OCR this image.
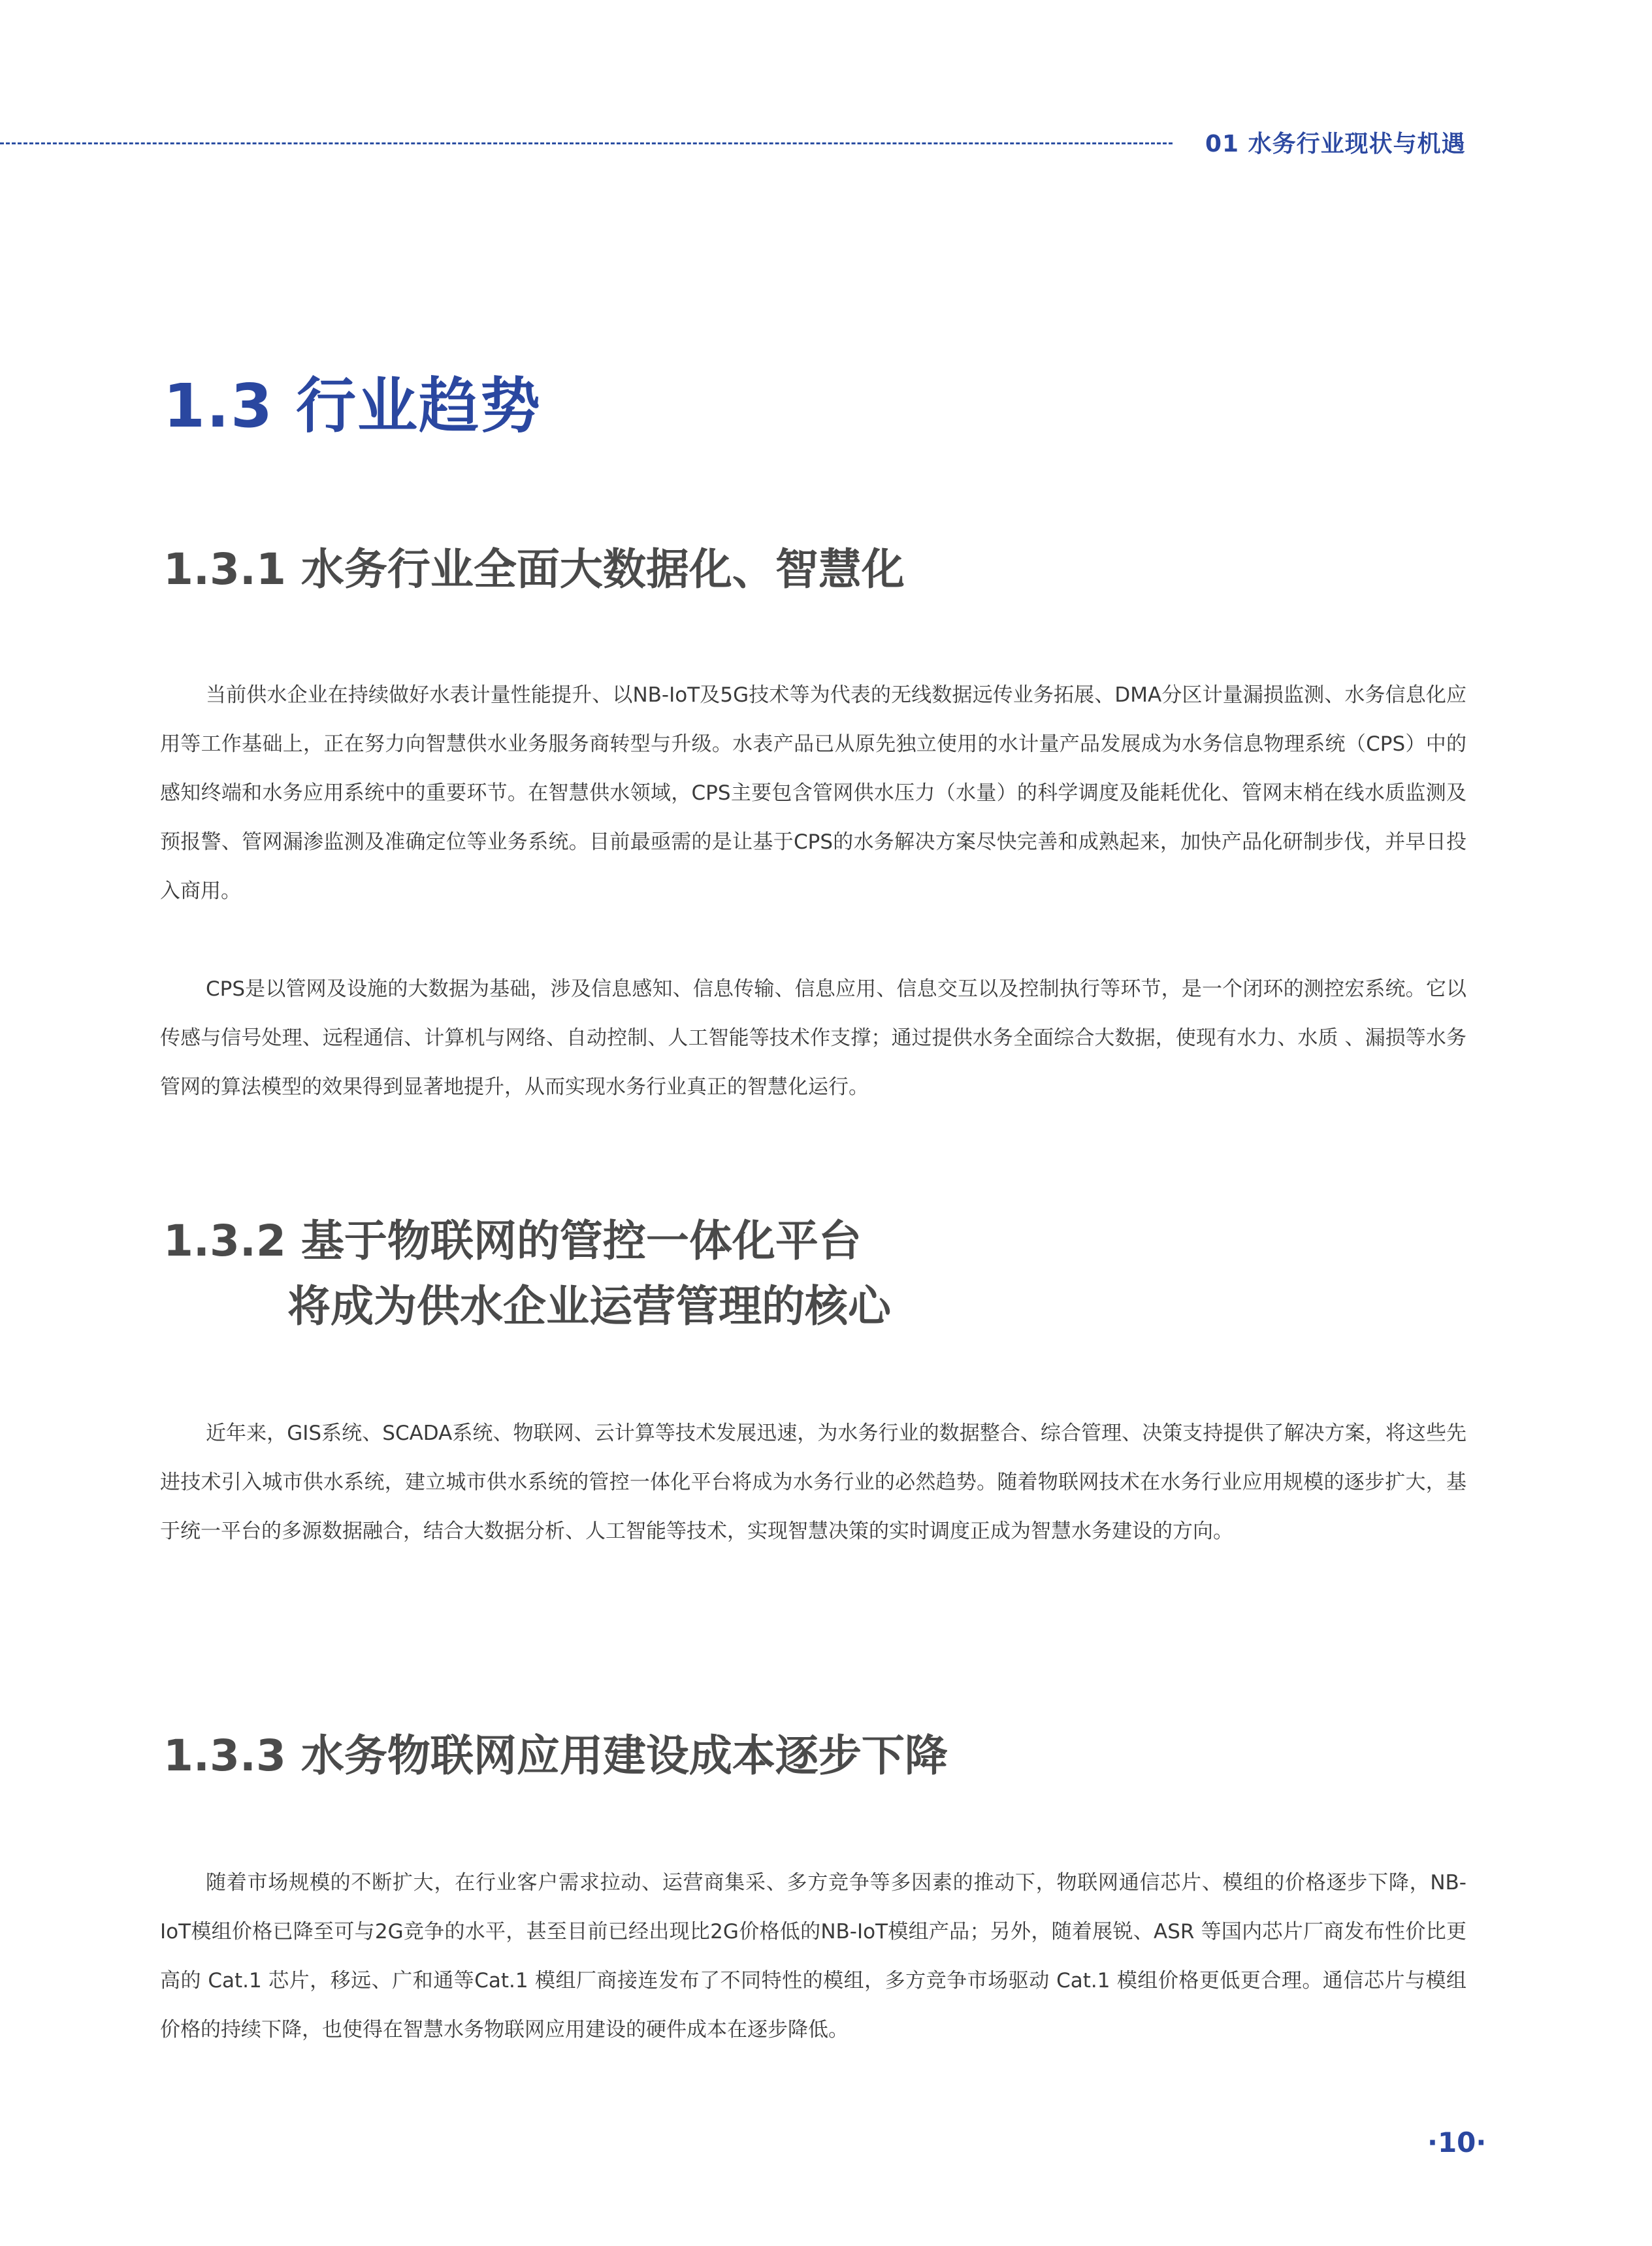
01 水务行业现状与机遇
1.3 行业趋势
1.3.1 水务行业全面大数据化、智慧化

当前供水企业在持续做好水表计量性能提升、以NB-IoT及5G技术等为代表的无线数据远传业务拓展、DMA分区计量漏损监测、水务信息化应用等工作基础上，正在努力向智慧供水业务服务商转型与升级。水表产品已从原先独立使用的水计量产品发展成为水务信息物理系统（CPS）中的感知终端和水务应用系统中的重要环节。在智慧供水领域，CPS主要包含管网供水压力（水量）的科学调度及能耗优化、管网末梢在线水质监测及预报警、管网漏渗监测及准确定位等业务系统。目前最亟需的是让基于CPS的水务解决方案尽快完善和成熟起来，加快产品化研制步伐，并早日投入商用。

CPS是以管网及设施的大数据为基础，涉及信息感知、信息传输、信息应用、信息交互以及控制执行等环节，是一个闭环的测控宏系统。它以传感与信号处理、远程通信、计算机与网络、自动控制、人工智能等技术作支撑；通过提供水务全面综合大数据，使现有水力、水质 、漏损等水务管网的算法模型的效果得到显著地提升，从而实现水务行业真正的智慧化运行。

1.3.2 基于物联网的管控一体化平台
将成为供水企业运营管理的核心

近年来，GIS系统、SCADA系统、物联网、云计算等技术发展迅速，为水务行业的数据整合、综合管理、决策支持提供了解决方案，将这些先进技术引入城市供水系统，建立城市供水系统的管控一体化平台将成为水务行业的必然趋势。随着物联网技术在水务行业应用规模的逐步扩大，基于统一平台的多源数据融合，结合大数据分析、人工智能等技术，实现智慧决策的实时调度正成为智慧水务建设的方向。

1.3.3 水务物联网应用建设成本逐步下降

随着市场规模的不断扩大，在行业客户需求拉动、运营商集采、多方竞争等多因素的推动下，物联网通信芯片、模组的价格逐步下降，NB-IoT模组价格已降至可与2G竞争的水平，甚至目前已经出现比2G价格低的NB-IoT模组产品；另外，随着展锐、ASR 等国内芯片厂商发布性价比更高的 Cat.1 芯片，移远、广和通等Cat.1 模组厂商接连发布了不同特性的模组，多方竞争市场驱动 Cat.1 模组价格更低更合理。通信芯片与模组价格的持续下降，也使得在智慧水务物联网应用建设的硬件成本在逐步降低。

·10·
